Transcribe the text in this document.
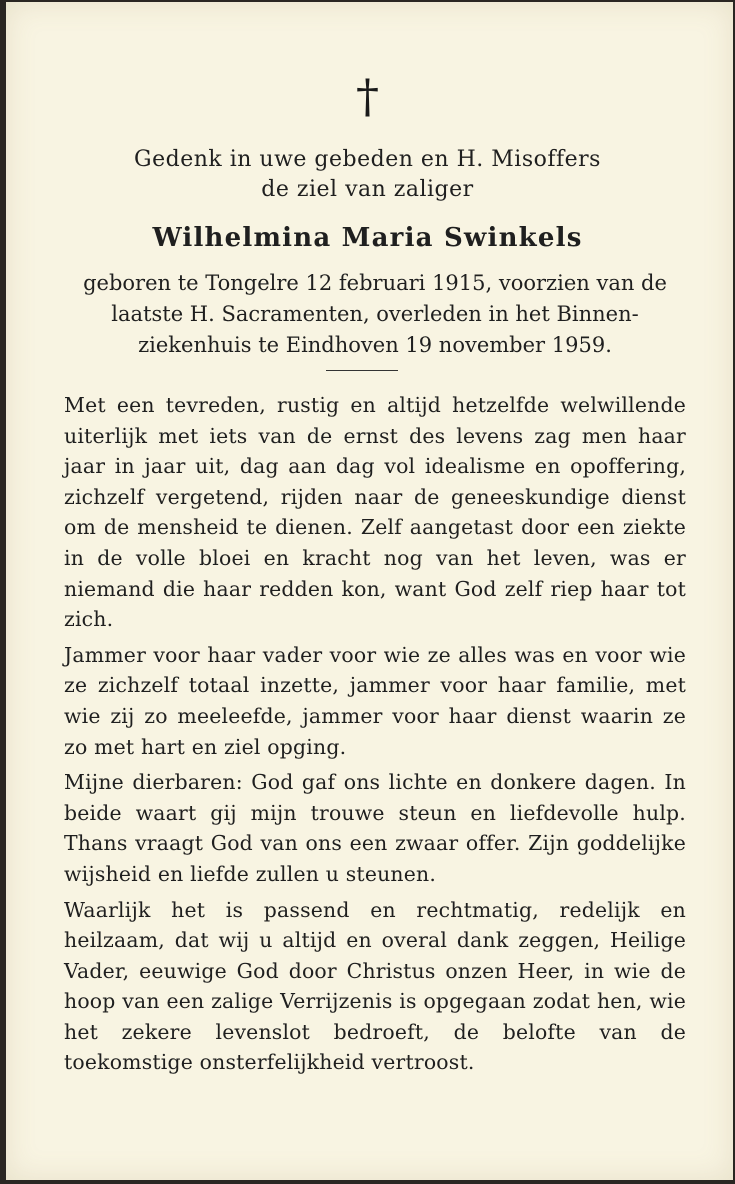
†
Gedenk in uwe gebeden en H. Misoffers
de ziel van zaliger
Wilhelmina Maria Swinkels
geboren te Tongelre 12 februari 1915, voorzien van de laatste H. Sacramenten, overleden in het Binnen-ziekenhuis te Eindhoven 19 november 1959.

Met een tevreden, rustig en altijd hetzelfde welwillende uiterlijk met iets van de ernst des levens zag men haar jaar in jaar uit, dag aan dag vol idealisme en opoffering, zichzelf vergetend, rijden naar de geneeskundige dienst om de mensheid te dienen. Zelf aangetast door een ziekte in de volle bloei en kracht nog van het leven, was er niemand die haar redden kon, want God zelf riep haar tot zich.

Jammer voor haar vader voor wie ze alles was en voor wie ze zichzelf totaal inzette, jammer voor haar familie, met wie zij zo meeleefde, jammer voor haar dienst waarin ze zo met hart en ziel opging.

Mijne dierbaren: God gaf ons lichte en donkere dagen. In beide waart gij mijn trouwe steun en liefdevolle hulp. Thans vraagt God van ons een zwaar offer. Zijn goddelijke wijsheid en liefde zullen u steunen.

Waarlijk het is passend en rechtmatig, redelijk en heilzaam, dat wij u altijd en overal dank zeggen, Heilige Vader, eeuwige God door Christus onzen Heer, in wie de hoop van een zalige Verrijzenis is opgegaan zodat hen, wie het zekere levenslot bedroeft, de belofte van de toekomstige onsterfelijkheid vertroost.
